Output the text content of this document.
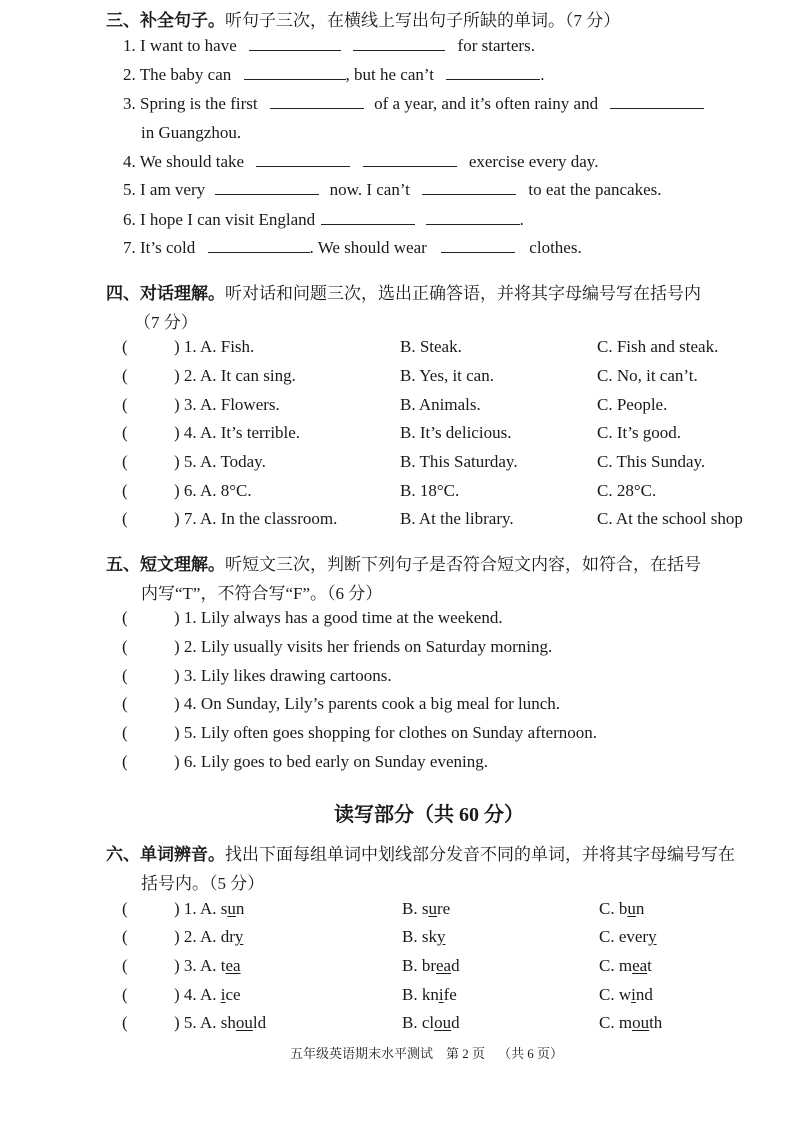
三、补全句子。听句子三次，在横线上写出句子所缺的单词。（7 分）
1. I want to have	for starters.
2. The baby can	, but he can’t	.
3. Spring is the first	of a year, and it’s often rainy and
in Guangzhou.
4. We should take	exercise every day.
5. I am very	now. I can’t	to eat the pancakes.
6. I hope I can visit England	.
7. It’s cold	. We should wear	clothes.
四、对话理解。听对话和问题三次，选出正确答语，并将其字母编号写在括号内
（7 分）
(	) 1. A. Fish.	B. Steak.	C. Fish and steak.
(	) 2. A. It can sing.	B. Yes, it can.	C. No, it can’t.
(	) 3. A. Flowers.	B. Animals.	C. People.
(	) 4. A. It’s terrible.	B. It’s delicious.	C. It’s good.
(	) 5. A. Today.	B. This Saturday.	C. This Sunday.
(	) 6. A. 8°C.	B. 18°C.	C. 28°C.
(	) 7. A. In the classroom.	B. At the library.	C. At the school shop
五、短文理解。听短文三次，判断下列句子是否符合短文内容，如符合，在括号
内写“T”，不符合写“F”。（6 分）
(	) 1. Lily always has a good time at the weekend.
(	) 2. Lily usually visits her friends on Saturday morning.
(	) 3. Lily likes drawing cartoons.
(	) 4. On Sunday, Lily’s parents cook a big meal for lunch.
(	) 5. Lily often goes shopping for clothes on Sunday afternoon.
(	) 6. Lily goes to bed early on Sunday evening.
读写部分（共 60 分）
六、单词辨音。找出下面每组单词中划线部分发音不同的单词，并将其字母编号写在
括号内。（5 分）
(	) 1. A. sun	B. sure	C. bun
(	) 2. A. dry	B. sky	C. every
(	) 3. A. tea	B. bread	C. meat
(	) 4. A. ice	B. knife	C. wind
(	) 5. A. should	B. cloud	C. mouth
五年级英语期末水平测试    第 2 页    （共 6 页）
